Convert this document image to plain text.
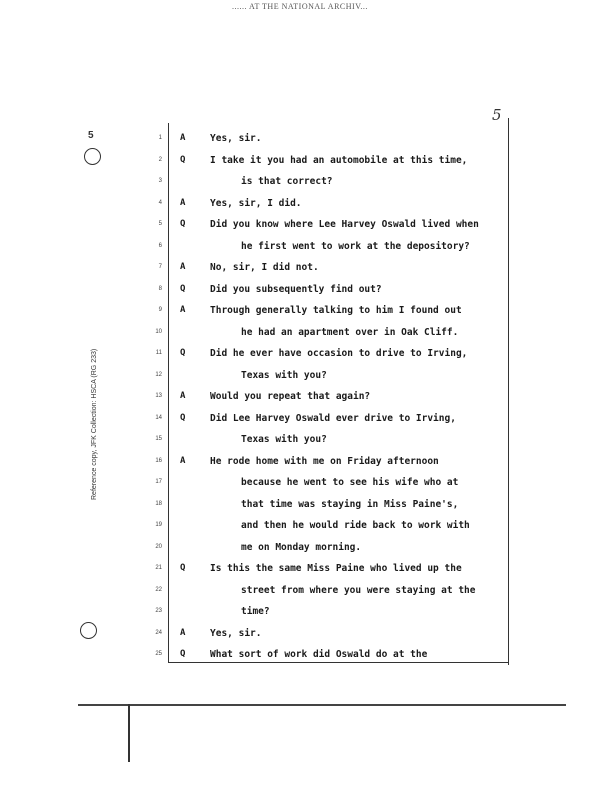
...... AT THE NATIONAL ARCHIV...
5
5
Reference copy, JFK Collection: HSCA (RG 233)
1 A	Yes, sir.
2 Q	I take it you had an automobile at this time,
3	is that correct?
4 A	Yes, sir, I did.
5 Q	Did you know where Lee Harvey Oswald lived when
6	he first went to work at the depository?
7 A	No, sir, I did not.
8 Q	Did you subsequently find out?
9 A	Through generally talking to him I found out
10	he had an apartment over in Oak Cliff.
11 Q	Did he ever have occasion to drive to Irving,
12	Texas with you?
13 A	Would you repeat that again?
14 Q	Did Lee Harvey Oswald ever drive to Irving,
15	Texas with you?
16 A	He rode home with me on Friday afternoon
17	because he went to see his wife who at
18	that time was staying in Miss Paine's,
19	and then he would ride back to work with
20	me on Monday morning.
21 Q	Is this the same Miss Paine who lived up the
22	street from where you were staying at the
23	time?
24 A	Yes, sir.
25 Q	What sort of work did Oswald do at the
